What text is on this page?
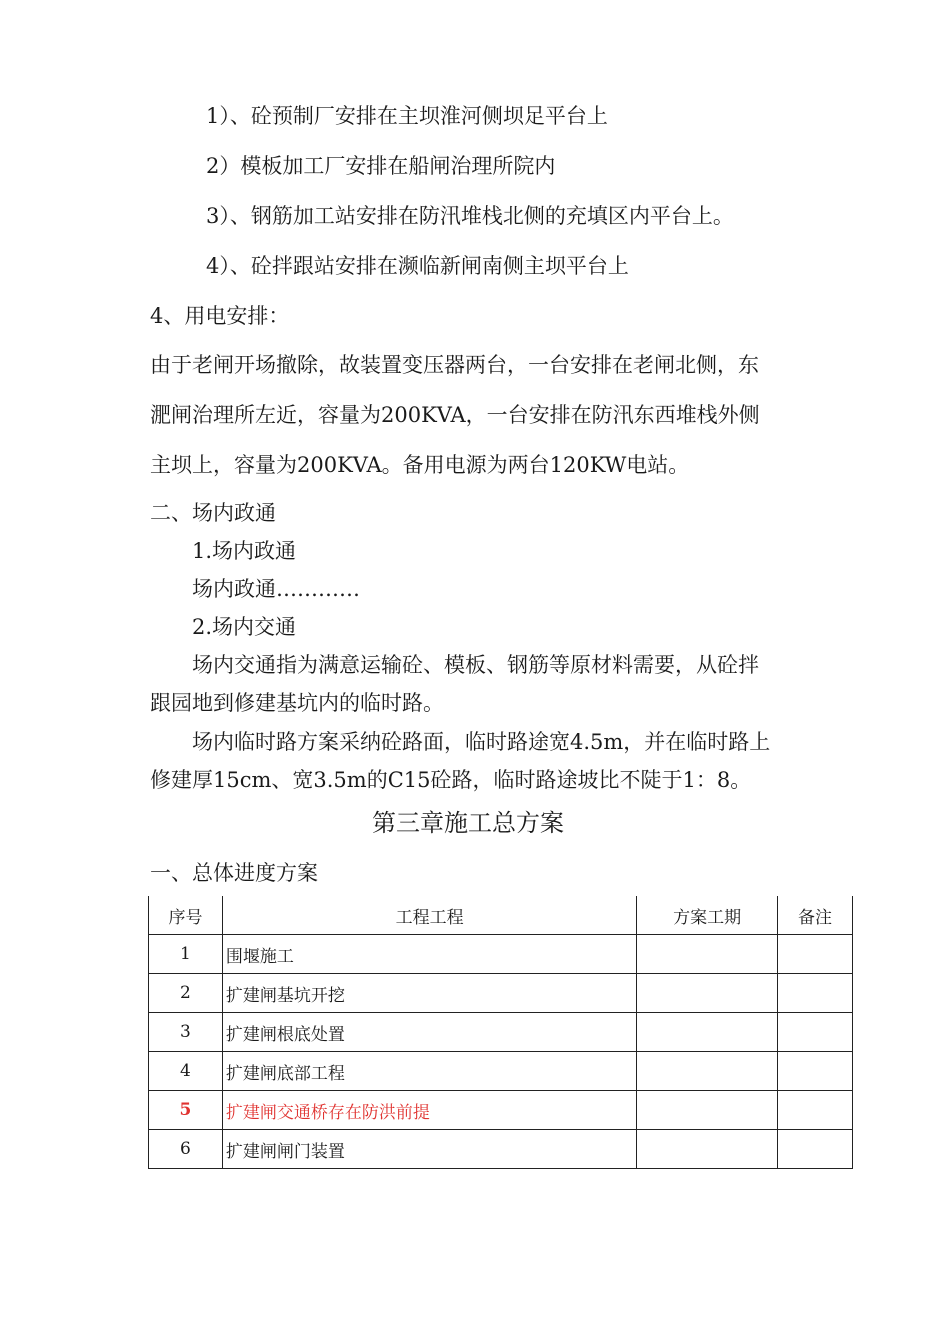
1）、砼预制厂安排在主坝淮河侧坝足平台上
2）模板加工厂安排在船闸治理所院内
3）、钢筋加工站安排在防汛堆栈北侧的充填区内平台上。
4）、砼拌跟站安排在濒临新闸南侧主坝平台上
4、用电安排：
由于老闸开场撤除，故装置变压器两台，一台安排在老闸北侧，东
淝闸治理所左近，容量为200KVA，一台安排在防汛东西堆栈外侧
主坝上，容量为200KVA。备用电源为两台120KW电站。
二、场内政通
1.场内政通
场内政通…………
2.场内交通
场内交通指为满意运输砼、模板、钢筋等原材料需要，从砼拌
跟园地到修建基坑内的临时路。
场内临时路方案采纳砼路面，临时路途宽4.5m，并在临时路上
修建厚15cm、宽3.5m的C15砼路，临时路途坡比不陡于1：8。
第三章施工总方案
一、总体进度方案
序号	工程工程	方案工期	备注
1	围堰施工		
2	扩建闸基坑开挖		
3	扩建闸根底处置		
4	扩建闸底部工程		
5	扩建闸交通桥存在防洪前提		
6	扩建闸闸门装置		
